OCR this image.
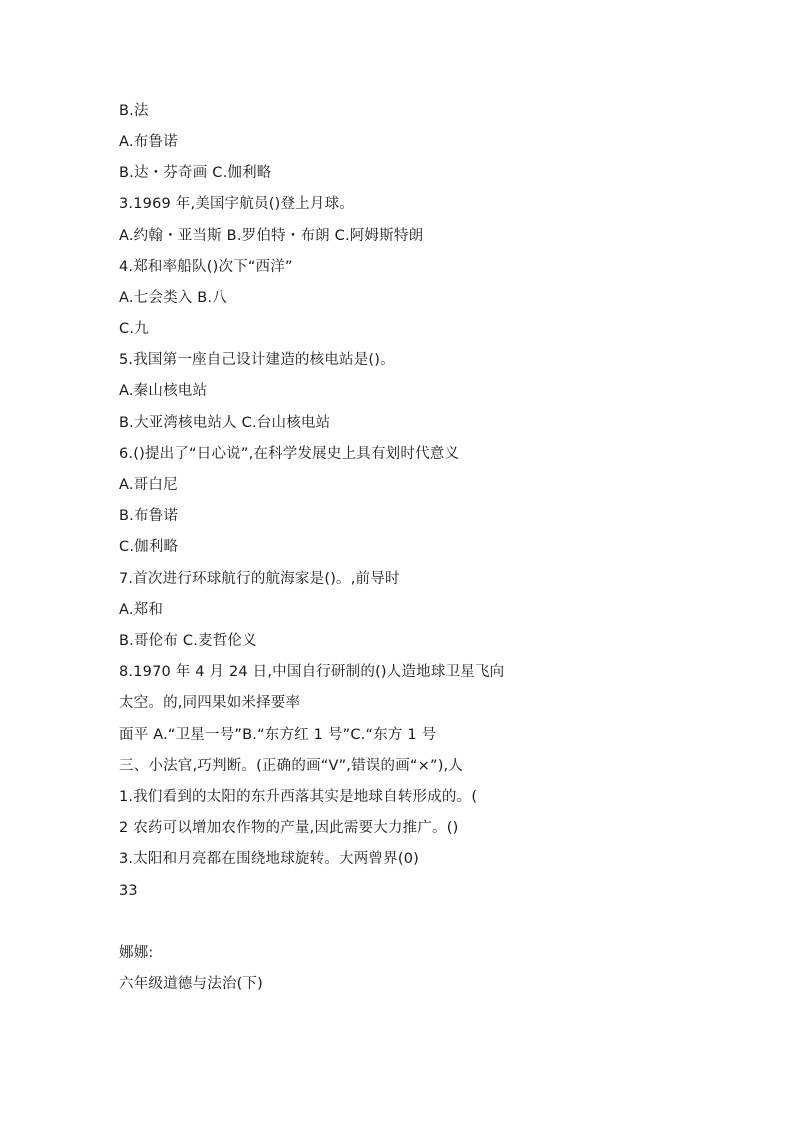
B.法
A.布鲁诺
B.达・芬奇画 C.伽利略
3.1969 年,美国宇航员()登上月球。
A.约翰・亚当斯 B.罗伯特・布朗 C.阿姆斯特朗
4.郑和率船队()次下“西洋”
A.七会类入 B.八
C.九
5.我国第一座自己设计建造的核电站是()。
A.秦山核电站
B.大亚湾核电站人 C.台山核电站
6.()提出了“日心说”,在科学发展史上具有划时代意义
A.哥白尼
B.布鲁诺
C.伽利略
7.首次进行环球航行的航海家是()。,前导时
A.郑和
B.哥伦布 C.麦哲伦义
8.1970 年 4 月 24 日,中国自行研制的()人造地球卫星飞向
太空。的,同四果如米择要率
面平 A.“卫星一号”B.“东方红 1 号”C.“东方 1 号
三、小法官,巧判断。(正确的画“V”,错误的画“×”),人
1.我们看到的太阳的东升西落其实是地球自转形成的。(
2 农药可以增加农作物的产量,因此需要大力推广。()
3.太阳和月亮都在围绕地球旋转。大两曾界(0)
33
娜娜:
六年级道德与法治(下)
